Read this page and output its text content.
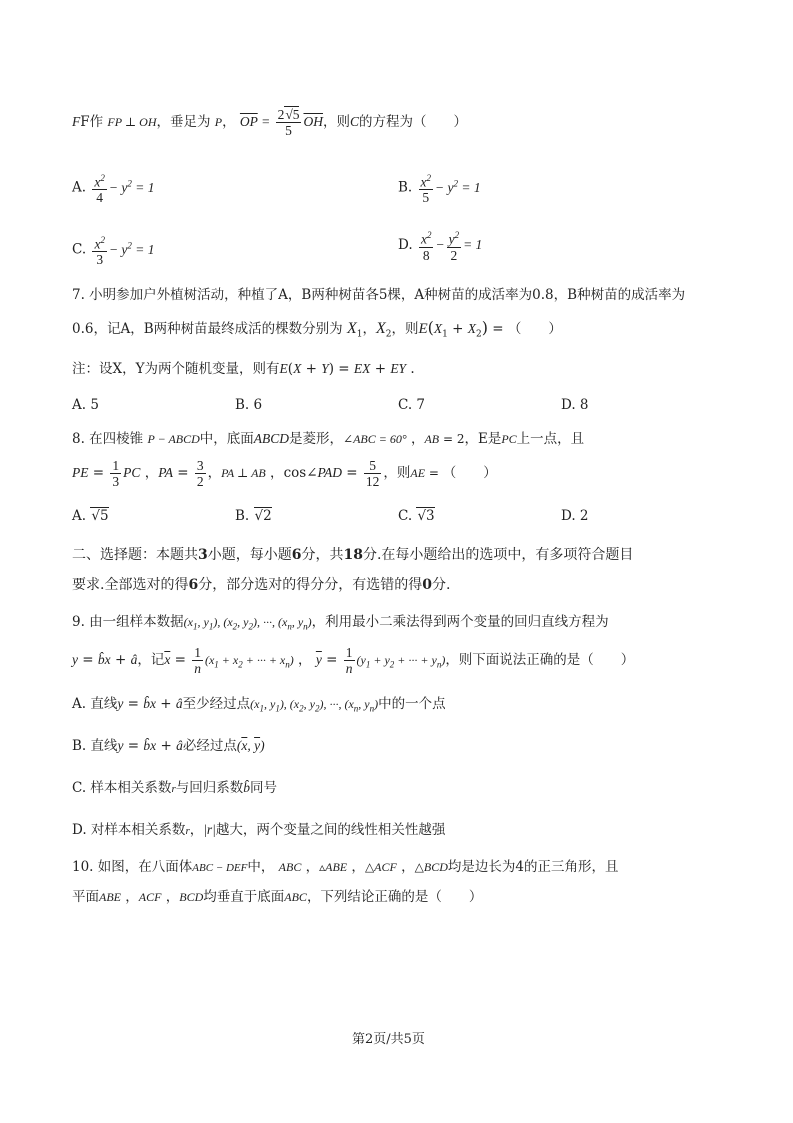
FF作 FP ⊥ OH，垂足为 P， $\overline{OP} = \frac{2√5}{5} \overline{OH}$，则C的方程为（　　）
A. $\frac{x^2}{4} - y^2 = 1$	B. $\frac{x^2}{5} - y^2 = 1$
C. $\frac{x^2}{3} - y^2 = 1$	D. $\frac{x^2}{8} - \frac{y^2}{2} = 1$
7. 小明参加户外植树活动，种植了A，B两种树苗各5棵，A种树苗的成活率为0.8，B种树苗的成活率为
0.6，记A，B两种树苗最终成活的棵数分别为 $X_1$，$X_2$，则$E(X_1 + X_2)$ = （　　）
注：设X，Y为两个随机变量，则有E(X + Y) = EX + EY .
A. 5	B. 6	C. 7	D. 8
8. 在四棱锥 P − ABCD中，底面ABCD是菱形，∠ABC = 60° ，AB = 2，E是PC上一点，且
PE = $\frac{1}{3}$ PC ，PA = $\frac{3}{2}$ ，PA ⊥ AB ，cos∠PAD = $\frac{5}{12}$ ，则AE = （　　）
A. √5	B. √2	C. √3	D. 2
二、选择题：本题共3小题，每小题6分，共18分.在每小题给出的选项中，有多项符合题目
要求.全部选对的得6分，部分选对的得分分，有选错的得0分.
9. 由一组样本数据($x_1$, $y_1$), ($x_2$, $y_2$), ···, ($x_n$, $y_n$)，利用最小二乘法得到两个变量的回归直线方程为
y = b̂x + â，记$\overline{x} = \frac{1}{n} (x_1 + x_2$ + ··· + $x_n$) ， $\overline{y} = \frac{1}{n} (y_1 + y_2$ + ··· + $y_n$)，则下面说法正确的是（　　）
A. 直线y = b̂x + â至少经过点($x_1$, $y_1$), ($x_2$, $y_2$), ···, ($x_n$, $y_n$)中的一个点
B. 直线y = b̂x + â必经过点($\overline{x}$, $\overline{y}$)
C. 样本相关系数r与回归系数b̂同号
D. 对样本相关系数r，|r|越大，两个变量之间的线性相关性越强
10. 如图，在八面体ABC − DEF中， ABC ，▵ABE ，△ACF ，△BCD均是边长为4的正三角形，且
平面ABE ，ACF ，BCD均垂直于底面ABC，下列结论正确的是（　　）
第2页/共5页
